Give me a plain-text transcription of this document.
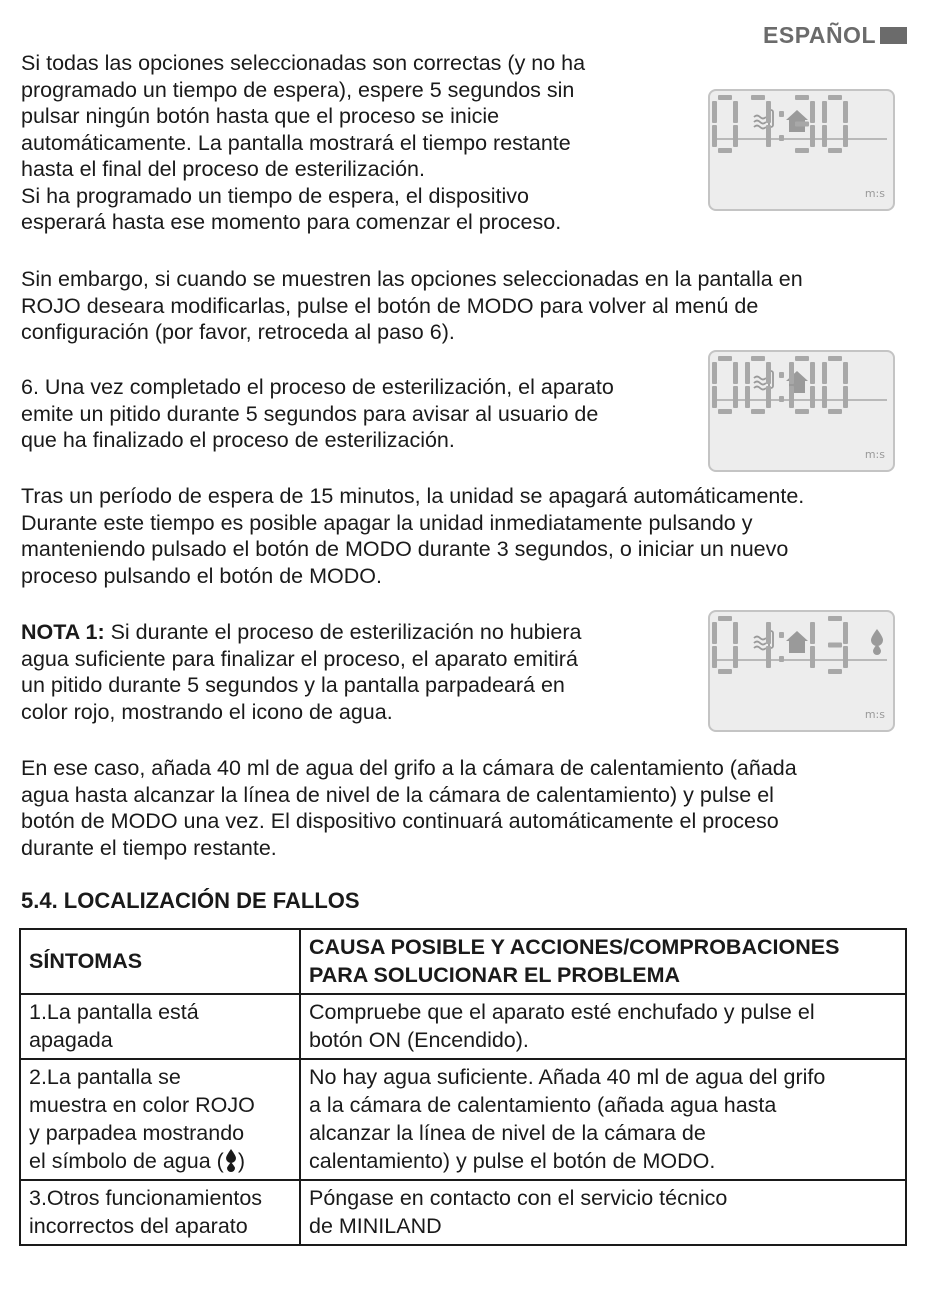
ESPAÑOL

Si todas las opciones seleccionadas son correctas (y no ha
programado un tiempo de espera), espere 5 segundos sin
pulsar ningún botón hasta que el proceso se inicie
automáticamente. La pantalla mostrará el tiempo restante
hasta el final del proceso de esterilización.
Si ha programado un tiempo de espera, el dispositivo
esperará hasta ese momento para comenzar el proceso.

Sin embargo, si cuando se muestren las opciones seleccionadas en la pantalla en
ROJO deseara modificarlas, pulse el botón de MODO para volver al menú de
configuración (por favor, retroceda al paso 6).

6. Una vez completado el proceso de esterilización, el aparato
emite un pitido durante 5 segundos para avisar al usuario de
que ha finalizado el proceso de esterilización.

Tras un período de espera de 15 minutos, la unidad se apagará automáticamente.
Durante este tiempo es posible apagar la unidad inmediatamente pulsando y
manteniendo pulsado el botón de MODO durante 3 segundos, o iniciar un nuevo
proceso pulsando el botón de MODO.

NOTA 1: Si durante el proceso de esterilización no hubiera
agua suficiente para finalizar el proceso, el aparato emitirá
un pitido durante 5 segundos y la pantalla parpadeará en
color rojo, mostrando el icono de agua.

En ese caso, añada 40 ml de agua del grifo a la cámara de calentamiento (añada
agua hasta alcanzar la línea de nivel de la cámara de calentamiento) y pulse el
botón de MODO una vez. El dispositivo continuará automáticamente el proceso
durante el tiempo restante.

m:s
m:s
m:s
5.4. LOCALIZACIÓN DE FALLOS
SÍNTOMAS	CAUSA POSIBLE Y ACCIONES/COMPROBACIONES
PARA SOLUCIONAR EL PROBLEMA
1.La pantalla está
apagada	Compruebe que el aparato esté enchufado y pulse el
botón ON (Encendido).
2.La pantalla se
muestra en color ROJO
y parpadea mostrando
el símbolo de agua ( )	No hay agua suficiente. Añada 40 ml de agua del grifo
a la cámara de calentamiento (añada agua hasta
alcanzar la línea de nivel de la cámara de
calentamiento) y pulse el botón de MODO.
3.Otros funcionamientos
incorrectos del aparato	Póngase en contacto con el servicio técnico
de MINILAND
